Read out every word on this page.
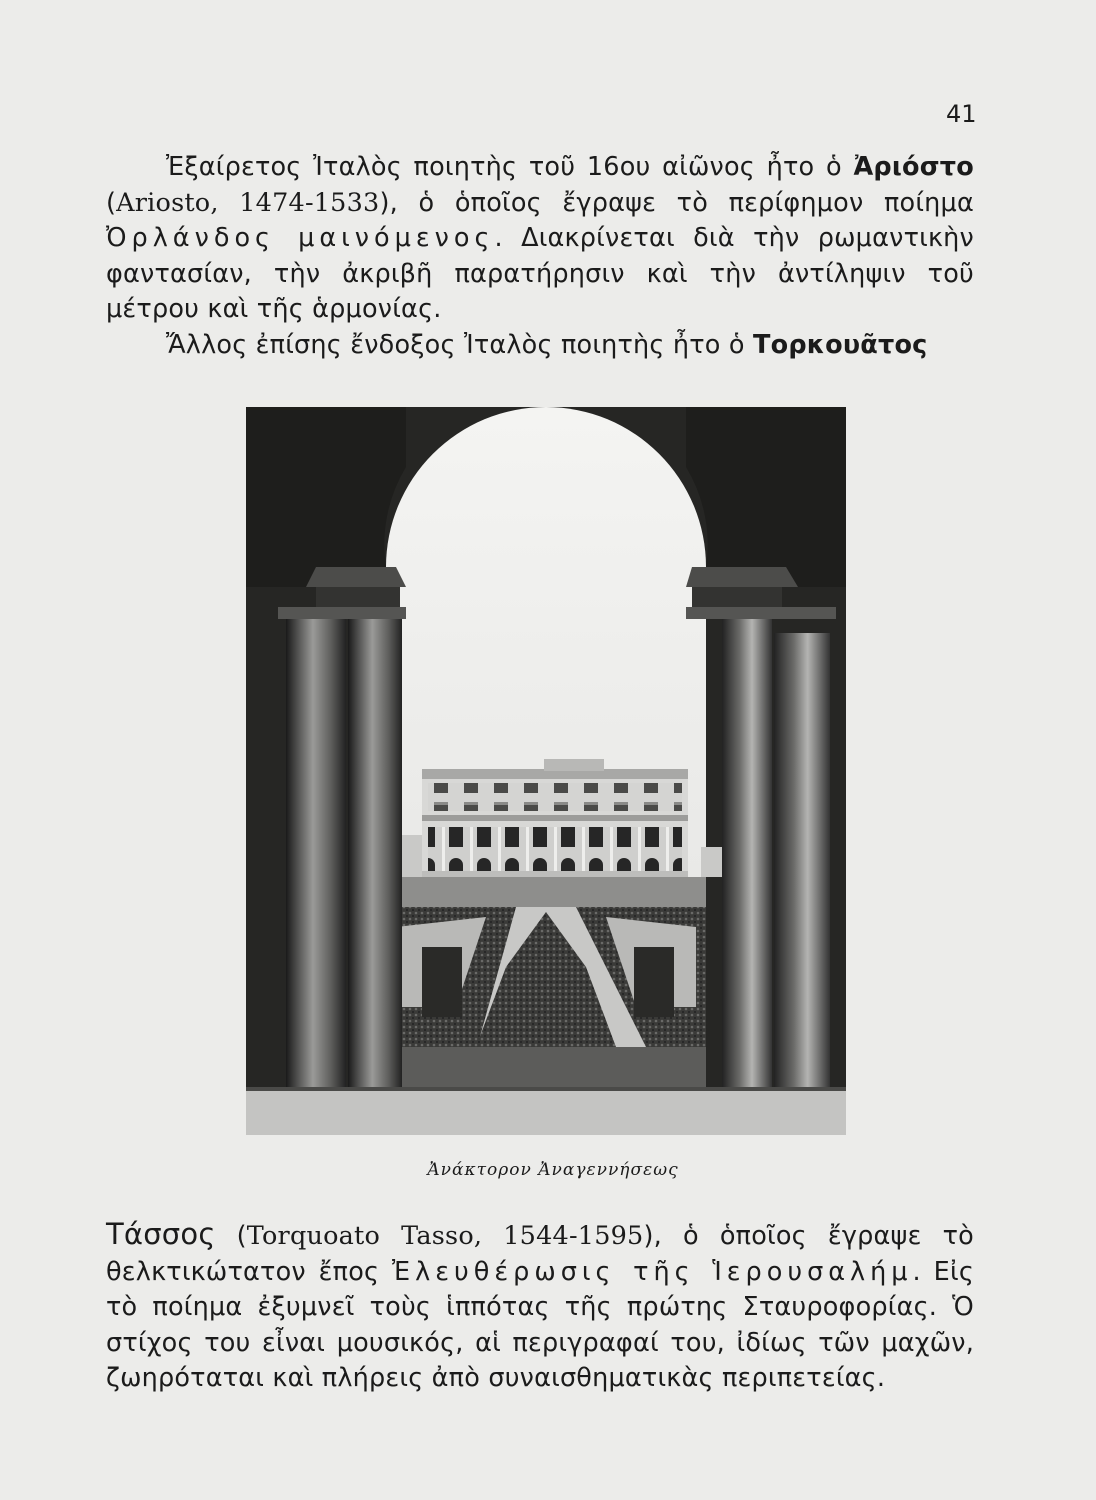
41

Ἐξαίρετος Ἰταλὸς ποιητὴς τοῦ 16ου αἰῶνος ἦτο ὁ Ἀριόστο (Ariosto, 1474-1533), ὁ ὁποῖος ἔγραψε τὸ περίφημον ποίημα Ὀρλάνδος μαινόμενος. Διακρίνεται διὰ τὴν ρωμαντικὴν φαντασίαν, τὴν ἀκριβῆ παρατήρησιν καὶ τὴν ἀντίληψιν τοῦ μέτρου καὶ τῆς ἁρμονίας.

Ἄλλος ἐπίσης ἔνδοξος Ἰταλὸς ποιητὴς ἦτο ὁ Τορκουᾶτος

Ἀνάκτορον Ἀναγεννήσεως

Τάσσος (Torquoato Tasso, 1544-1595), ὁ ὁποῖος ἔγραψε τὸ θελκτικώτατον ἔπος Ἐλευθέρωσις τῆς Ἱερουσαλήμ. Εἰς τὸ ποίημα ἐξυμνεῖ τοὺς ἱππότας τῆς πρώτης Σταυροφορίας. Ὁ στίχος του εἶναι μουσικός, αἱ περιγραφαί του, ἰδίως τῶν μαχῶν, ζωηρόταται καὶ πλήρεις ἀπὸ συναισθηματικὰς περιπετείας.
